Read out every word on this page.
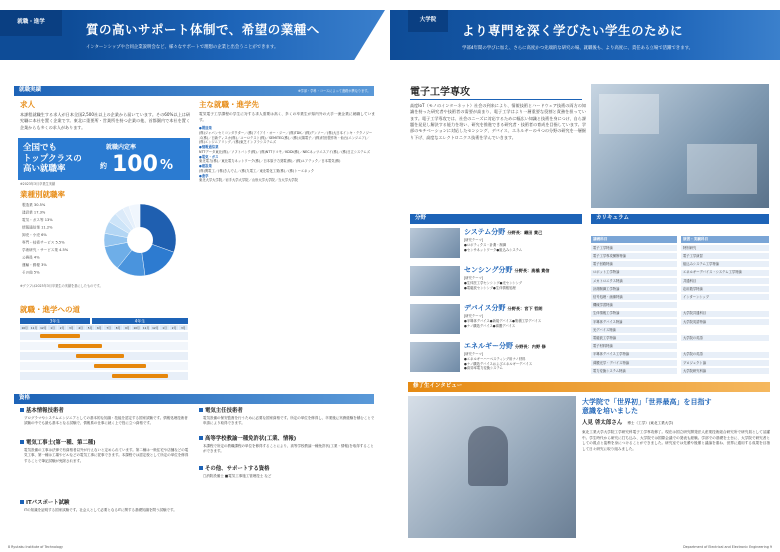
就職・進学	質の高いサポート体制で、希望の業種へ
インターンシップや合同企業説明会など、様々なサポートで理想の企業と出会うことができます。
就職実績	※学部・学科・コースによって進路が異なります。
求人
本課程就職生する求人が日本全国2,500社以上の企業から届いています。その60%以上は研究職に本社を置く企業です。東北に重要所・営業所を持つ企業の他、首都圏内で本社を置く企業からも多くの求人があります。
全国でも
トップクラスの
高い就職率
就職内定率
約 100 %
※2023年3月卒業生実績
主な就職・進学先
電気電子工学課程の学生に対する求人需要は高く、多くの卒業生が県内外の大手一流企業に就職しています。
●製造業
(株)ジャパンセミコンダクター／(株)アイアイ・オー・ジー／(株)TDK／(株)デンソー／(株)大日本インキ・テクノジーズ(株)／日新ディスカ(株)／ユーロテスト(株)／SEMITEC(株)／(株)太陽電子／(株)村田製作所・仙台(エンジニア)／(株)エンジニアリング／(株)東芝インフラシステムズ
●情報通信業
NTTデータ東北(株)／ソフトバンク(株)／(株)NTTドコモ／KDDI(株)／NECネッツエスアイ(株)／(株)日立システムズ
●電気・ガス
東北電力(株)／東北電力ネットワーク(株)／日本原子力発電(株)／(株)ユアテック／日本電気(株)
●建設業
(株)関電工／(株)きんでん／(株)九電工／東北電化工業(株)／(株)トーエネック
●進学
東北大学大学院／岩手大学大学院／山形大学大学院／当大学大学院
業種別就職率
製造業 30.5%
建設業 17.3%
電気・ガス等 13%
情報通信業 11.2%
卸売・小売 6%
専門・技術サービス 5.5%
学術研究・サービス業 4.5%
公務員 4%
運輸・郵便 3%
その他 5%
※グラフは2023年3月卒業生の実績を基にしたものです。
就職・進学への道
3年生	4年生
10月 11月 12月 1月 2月 3月 4月 5月 6月 7月 8月 9月 10月 11月 12月 1月 2月 3月
資格
基本情報技術者
プログラマやシステムエンジニアとしての基本的な知識・技能を認定する国家試験です。情報処理技術者試験の中でも最も基本となる試験で、情報系の仕事に就く上で役に立つ資格です。
電気工事士(第一種、第二種)
電気設備の工事は法律で有資格者以外が行えないと定められています。第二種は一般住宅や店舗などの電気工事、第一種は工場やビルなどの電気工事に従事できます。本課程では認定校として所定の単位を修得することで筆記試験が免除されます。
ITパスポート試験
ITの知識を証明する国家試験です。社会人として必要となるITに関する基礎知識を問う試験です。
電気主任技術者
電気設備の保安監督を行うために必要な国家資格です。所定の単位を修得し、卒業後に実務経験を積むことで申請により取得できます。
高等学校教諭一種免許状(工業、情報)
本課程で所定の教職課程の単位を修得することにより、高等学校教諭一種免許状(工業・情報)を取得することができます。
その他、サポートする資格
□消防設備士 ■電気工事施工管理技士 など
8 Ryutaku Institute of Technology
大学院
より専門を深く学びたい学生のために
学部4年間の学びに加え、さらに高度かつ先端的な研究の場、就職後も、より高度に、責任ある立場で活躍できます。
電子工学専攻
高度IoT（モノのインターネット）社会の到来により、情報技術とハードウェア技術の両方の知識を持った研究者や技術者の需要が高まり、電子工学はより一層重要な役割と責務を担っています。電子工学専攻では、社会のニーズに対応するために幅広い知識と技術を身につけ、自ら課題を発見し解決する能力を培い、研究を推進できる研究者・技術者の育成を目指しています。学部のモチベーションに対応したセンシング、デバイス、エネルギーの４つの分野の研究を一層掘り下げ、高度なエレクトロニクス技術を学んでいきます。
分野
システム分野 分野長：織田 貴己
[研究テーマ]
●ロボティクス・計測・制御
●センサネットワーク●組込みシステム
センシング分野 分野長：高橋 貴信
[研究テーマ]
●生体医工学センシング●光センシング
●電磁波センシング●生体情報処理
デバイス分野 分野長：宮下 哲朗
[研究テーマ]
●半導体デバイス●新規デバイス●集積工学デバイス
●ナノ構造デバイス●薄膜デバイス
エネルギー分野 分野長：内野 修
[研究テーマ]
●エネルギーハーベスティング用ナノ材料
●ナノ構造デバイスおよびエネルギーデバイス
●高効率電力変換システム
カリキュラム
講義科目	演習・実験科目
電子工学特論	特別研究
電子工学専攻横断特論	電子工学演習
電子回路特論	組込みシステム工学特論
ロボット工学特論	エネルギーデバイス・システム工学特論
メカトロニクス特論	共通科目
計測制御工学特論	応用数学特論
信号処理・画像特論	インターンシップ
機械学習特論
生体情報工学特論	大学院共通科目
半導体デバイス特論	大学院英語特論
光デバイス特論
電磁波工学特論	大学院の英語
電子材料特論
半導体デバイス工学特論	大学院の英語
薄膜光学・デバイス特論	プロジェクト論
電力変換システム特論	大学院研究科論
修了生インタビュー
大学院で「世界初」「世界最高」を目指す
意識を培いました
人見 啓太郎さん 博士（工学）(東北工業大学)
東北工業大学大学院工学研究科電子工学専攻修了。現在は国立研究開発法人産業技術総合研究所で研究員として活躍中。学生時代から研究に打ち込み、大学院では国際会議での発表も経験。学部での基礎を土台に、大学院で研究者としての視点と姿勢を身につけることができました。研究室では先輩や後輩と議論を重ね、世界に通用する成果を目指して日々研究に取り組みました。
Department of Electrical and Electronic Engineering 9
